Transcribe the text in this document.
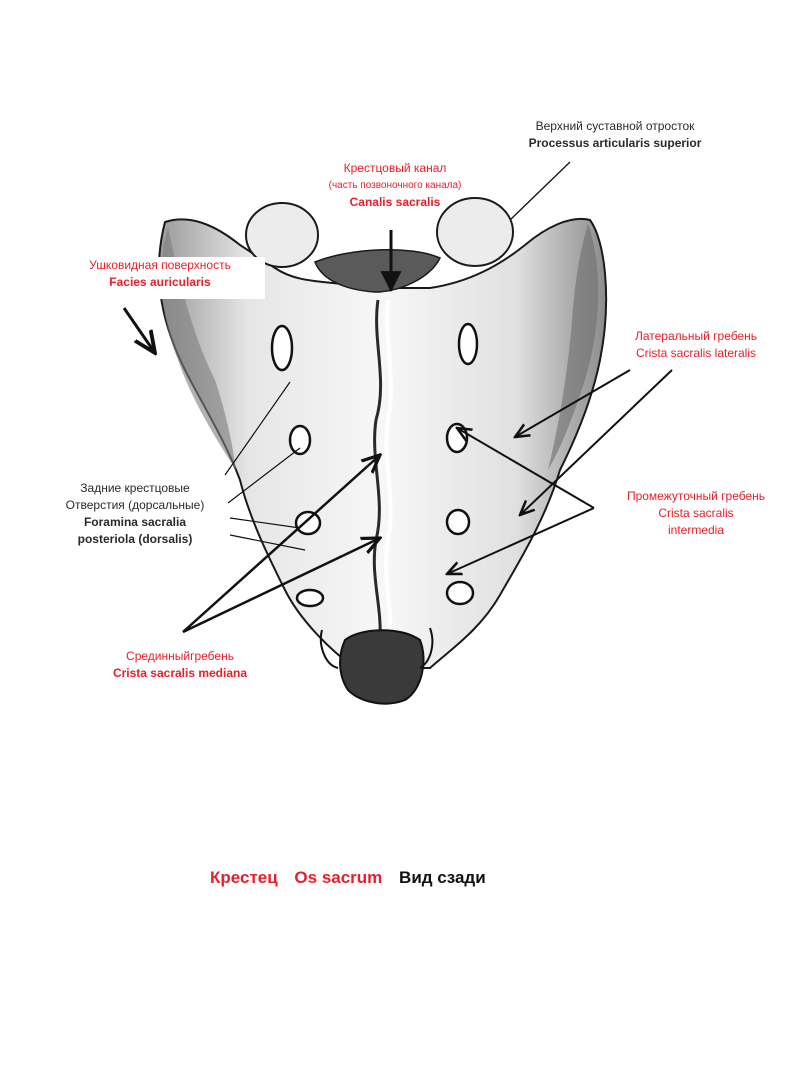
Верхний суставной отросток
Processus articularis superior
Крестцовый канал
(часть позвоночного канала)
Canalis sacralis
Ушковидная поверхность
Facies auricularis
Латеральный гребень
Crista sacralis lateralis
Задние крестцовые
Отверстия (дорсальные)
Foramina sacralia
posteriola (dorsalis)
Промежуточный гребень
Crista sacralis
intermedia
Срединныйгребень
Crista sacralis mediana
Крестец Os sacrum Вид сзади
